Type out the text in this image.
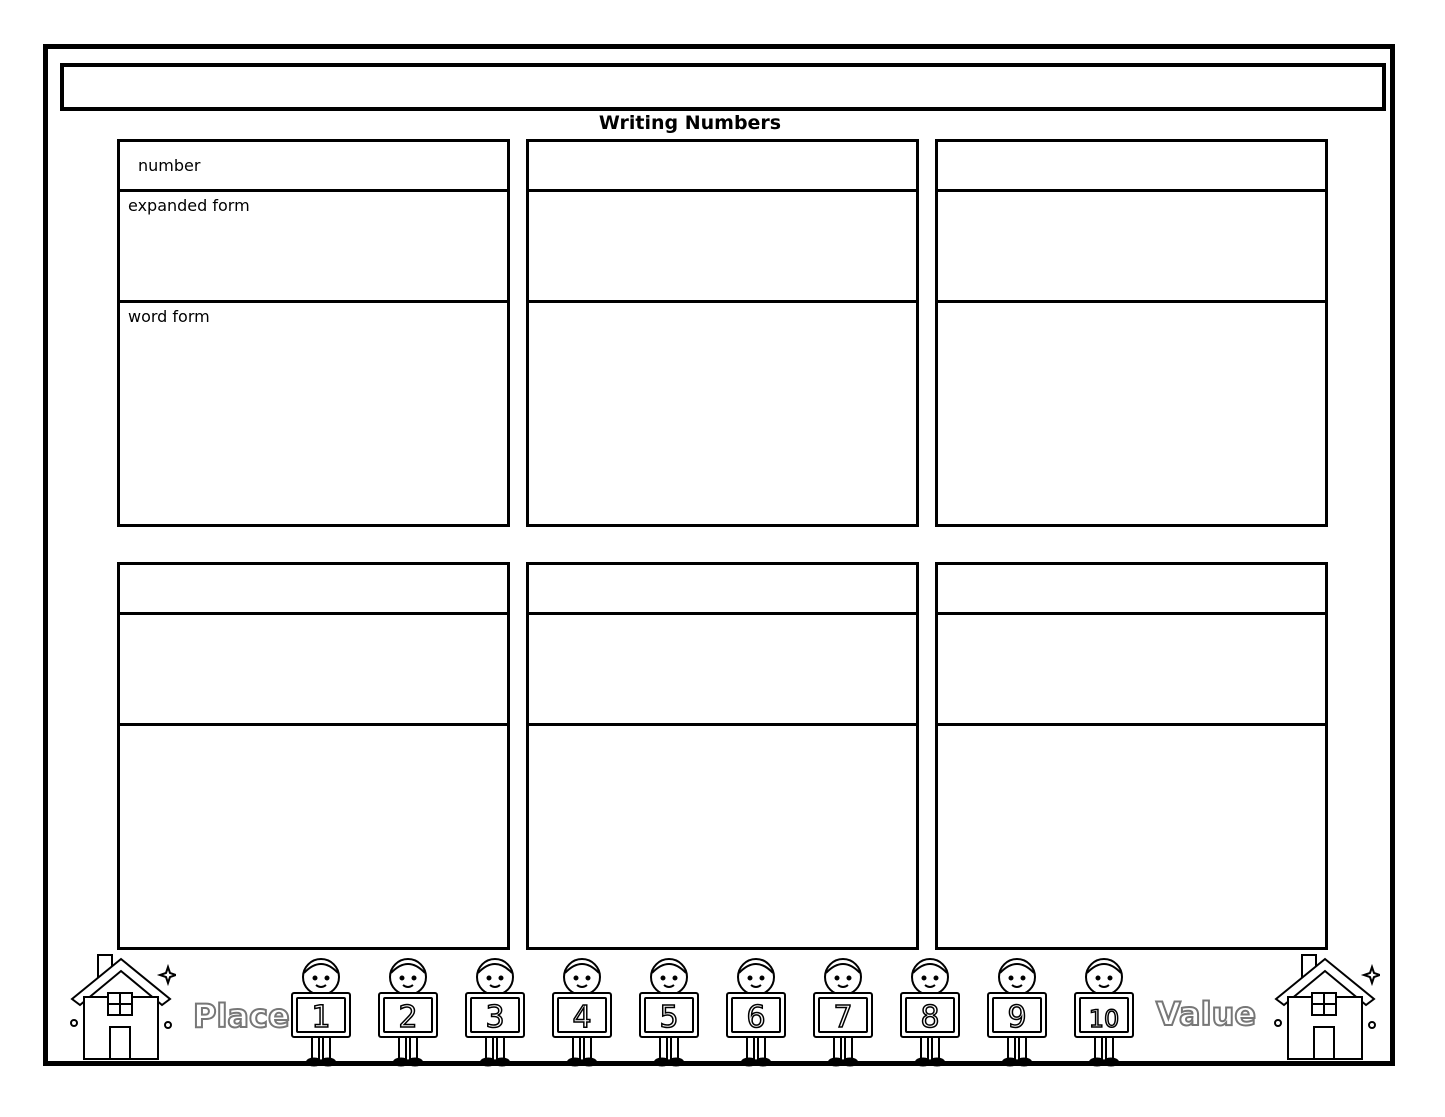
Writing Numbers
number
expanded form
word form
Place	Value
1 2 3 4 5 6 7 8 9	10
